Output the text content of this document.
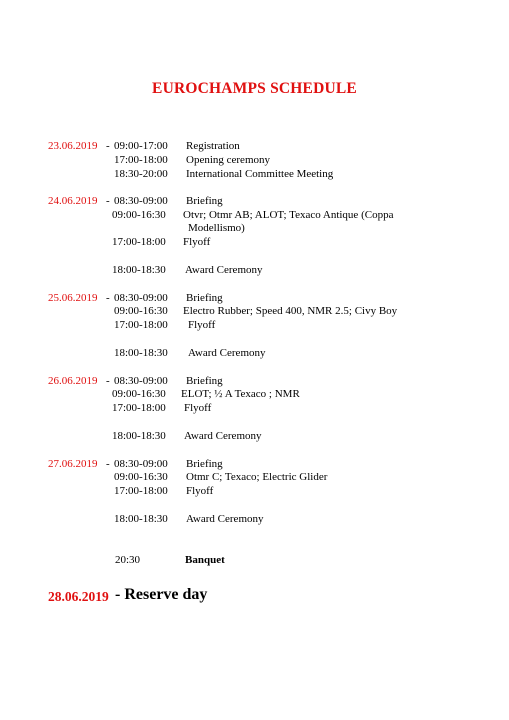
EUROCHAMPS SCHEDULE
23.06.2019 - 09:00-17:00 Registration
17:00-18:00 Opening ceremony
18:30-20:00 International Committee Meeting
24.06.2019 - 08:30-09:00 Briefing
09:00-16:30 Otvr; Otmr AB; ALOT; Texaco Antique (Coppa
Modellismo)
17:00-18:00 Flyoff
18:00-18:30 Award Ceremony
25.06.2019 - 08:30-09:00 Briefing
09:00-16:30 Electro Rubber; Speed 400, NMR 2.5; Civy Boy
17:00-18:00 Flyoff
18:00-18:30 Award Ceremony
26.06.2019 - 08:30-09:00 Briefing
09:00-16:30 ELOT; ½ A Texaco ; NMR
17:00-18:00 Flyoff
18:00-18:30 Award Ceremony
27.06.2019 - 08:30-09:00 Briefing
09:00-16:30 Otmr C; Texaco; Electric Glider
17:00-18:00 Flyoff
18:00-18:30 Award Ceremony
20:30	Banquet
28.06.2019 - Reserve day
